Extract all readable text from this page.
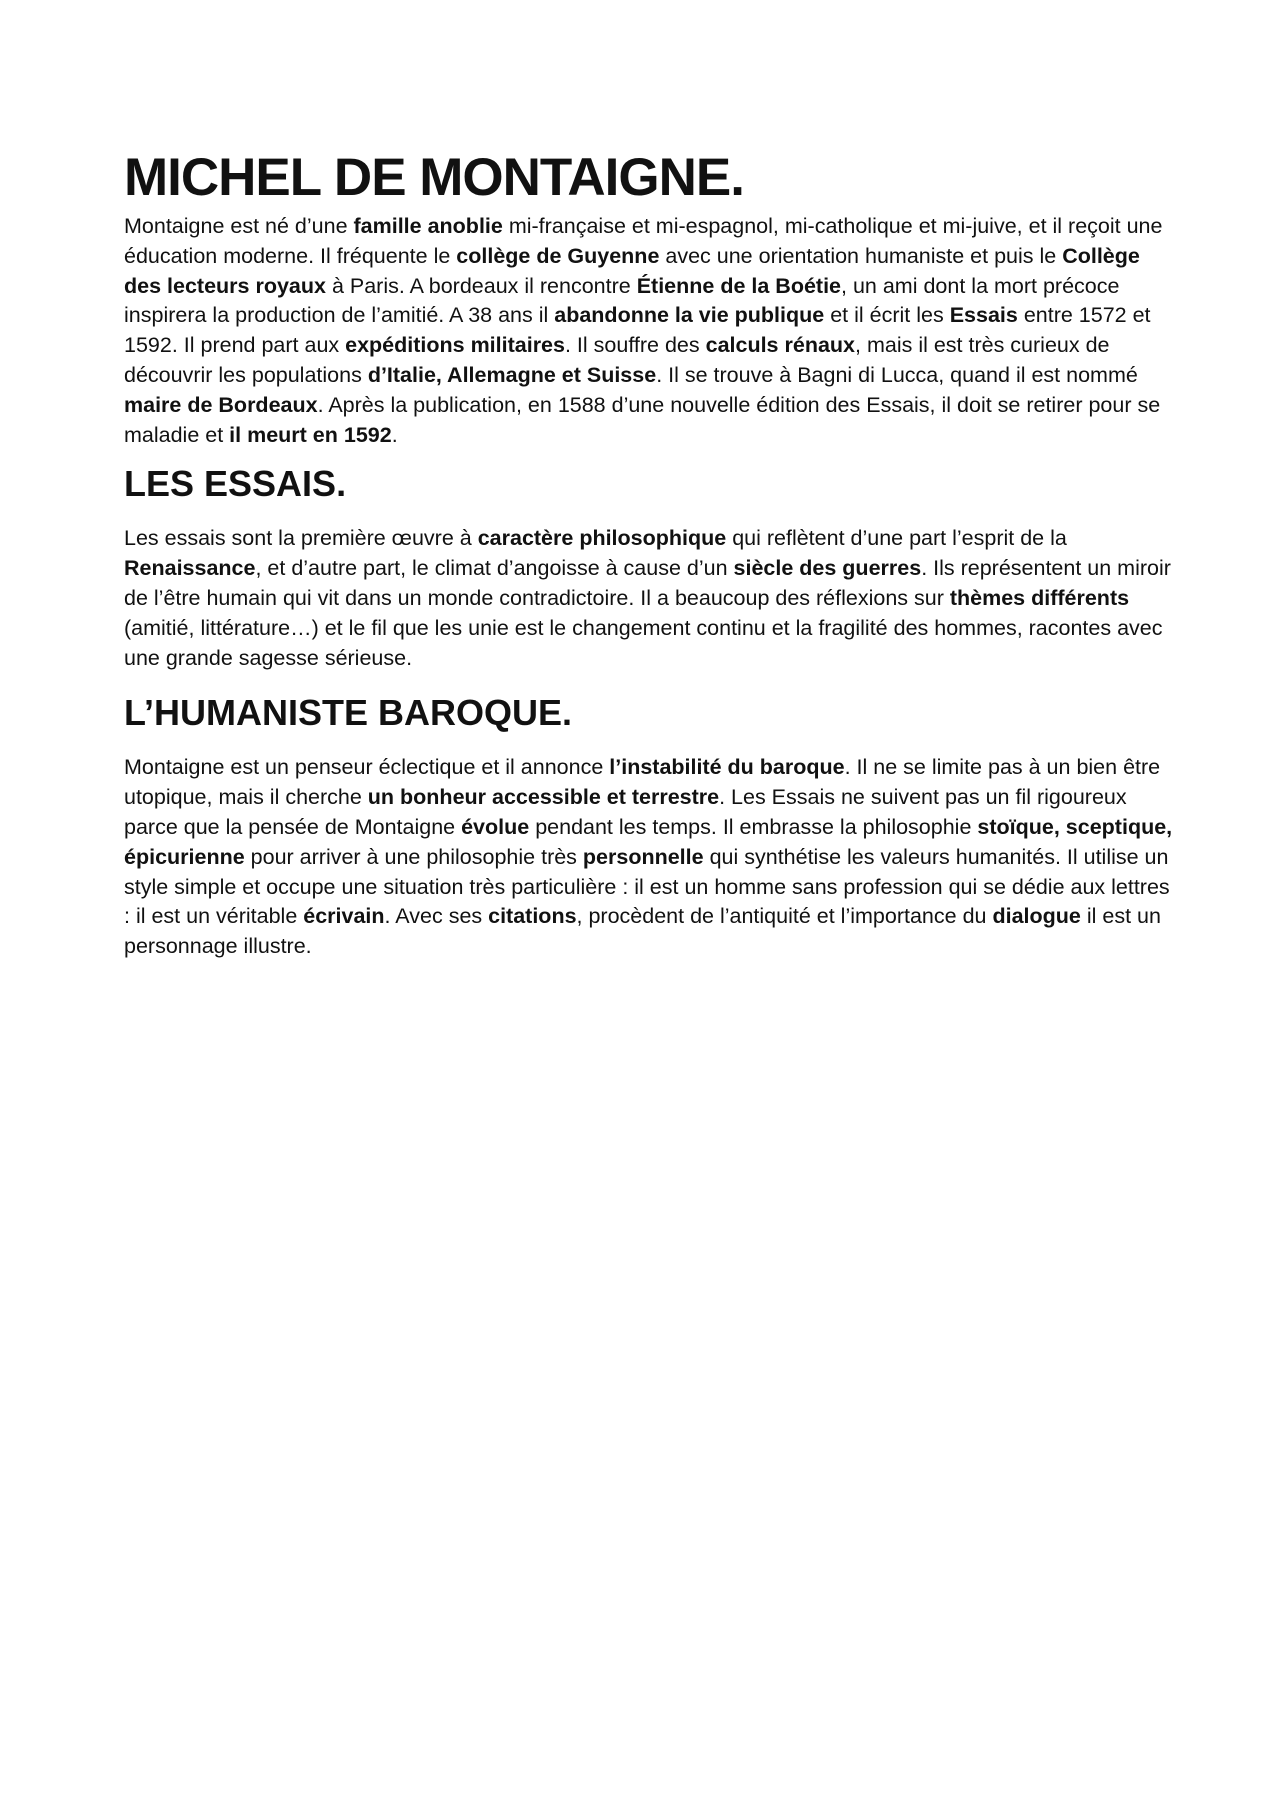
MICHEL DE MONTAIGNE.

Montaigne est né d’une famille anoblie mi-française et mi-espagnol, mi-catholique et mi-juive, et il reçoit une éducation moderne. Il fréquente le collège de Guyenne avec une orientation humaniste et puis le Collège des lecteurs royaux à Paris. A bordeaux il rencontre Étienne de la Boétie, un ami dont la mort précoce inspirera la production de l’amitié. A 38 ans il abandonne la vie publique et il écrit les Essais entre 1572 et 1592. Il prend part aux expéditions militaires. Il souffre des calculs rénaux, mais il est très curieux de découvrir les populations d’Italie, Allemagne et Suisse. Il se trouve à Bagni di Lucca, quand il est nommé maire de Bordeaux. Après la publication, en 1588 d’une nouvelle édition des Essais, il doit se retirer pour se maladie et il meurt en 1592.

LES ESSAIS.

Les essais sont la première œuvre à caractère philosophique qui reflètent d’une part l’esprit de la Renaissance, et d’autre part, le climat d’angoisse à cause d’un siècle des guerres. Ils représentent un miroir de l’être humain qui vit dans un monde contradictoire. Il a beaucoup des réflexions sur thèmes différents (amitié, littérature…) et le fil que les unie est le changement continu et la fragilité des hommes, racontes avec une grande sagesse sérieuse.

L’HUMANISTE BAROQUE.

Montaigne est un penseur éclectique et il annonce l’instabilité du baroque. Il ne se limite pas à un bien être utopique, mais il cherche un bonheur accessible et terrestre. Les Essais ne suivent pas un fil rigoureux parce que la pensée de Montaigne évolue pendant les temps. Il embrasse la philosophie stoïque, sceptique, épicurienne pour arriver à une philosophie très personnelle qui synthétise les valeurs humanités. Il utilise un style simple et occupe une situation très particulière : il est un homme sans profession qui se dédie aux lettres : il est un véritable écrivain. Avec ses citations, procèdent de l’antiquité et l’importance du dialogue il est un personnage illustre.
